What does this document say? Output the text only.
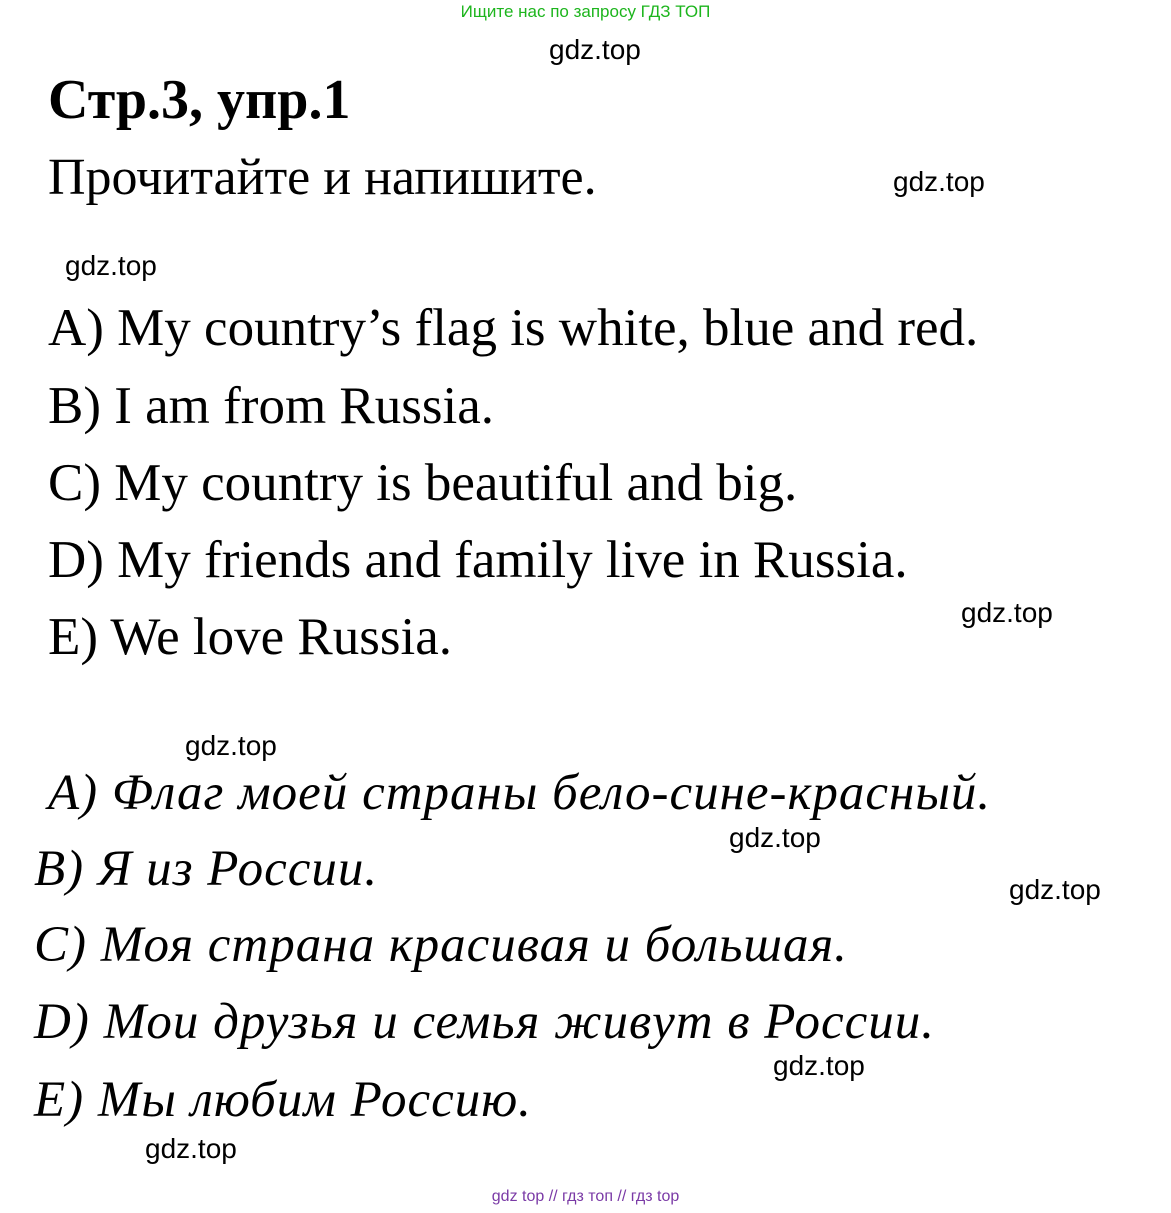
Ищите нас по запросу ГДЗ ТОП
gdz.top
Стр.3, упр.1
Прочитайте и напишите.	gdz.top
gdz.top
A) My country’s flag is white, blue and red.
B) I am from Russia.
C) My country is beautiful and big.
D) My friends and family live in Russia.
E) We love Russia.	gdz.top
gdz.top
A) Флаг моей страны бело-сине-красный.
gdz.top
B) Я из России.	gdz.top
C) Моя страна красивая и большая.
D) Мои друзья и семья живут в России.
gdz.top
E) Мы любим Россию.
gdz.top
gdz top // гдз топ // гдз top
